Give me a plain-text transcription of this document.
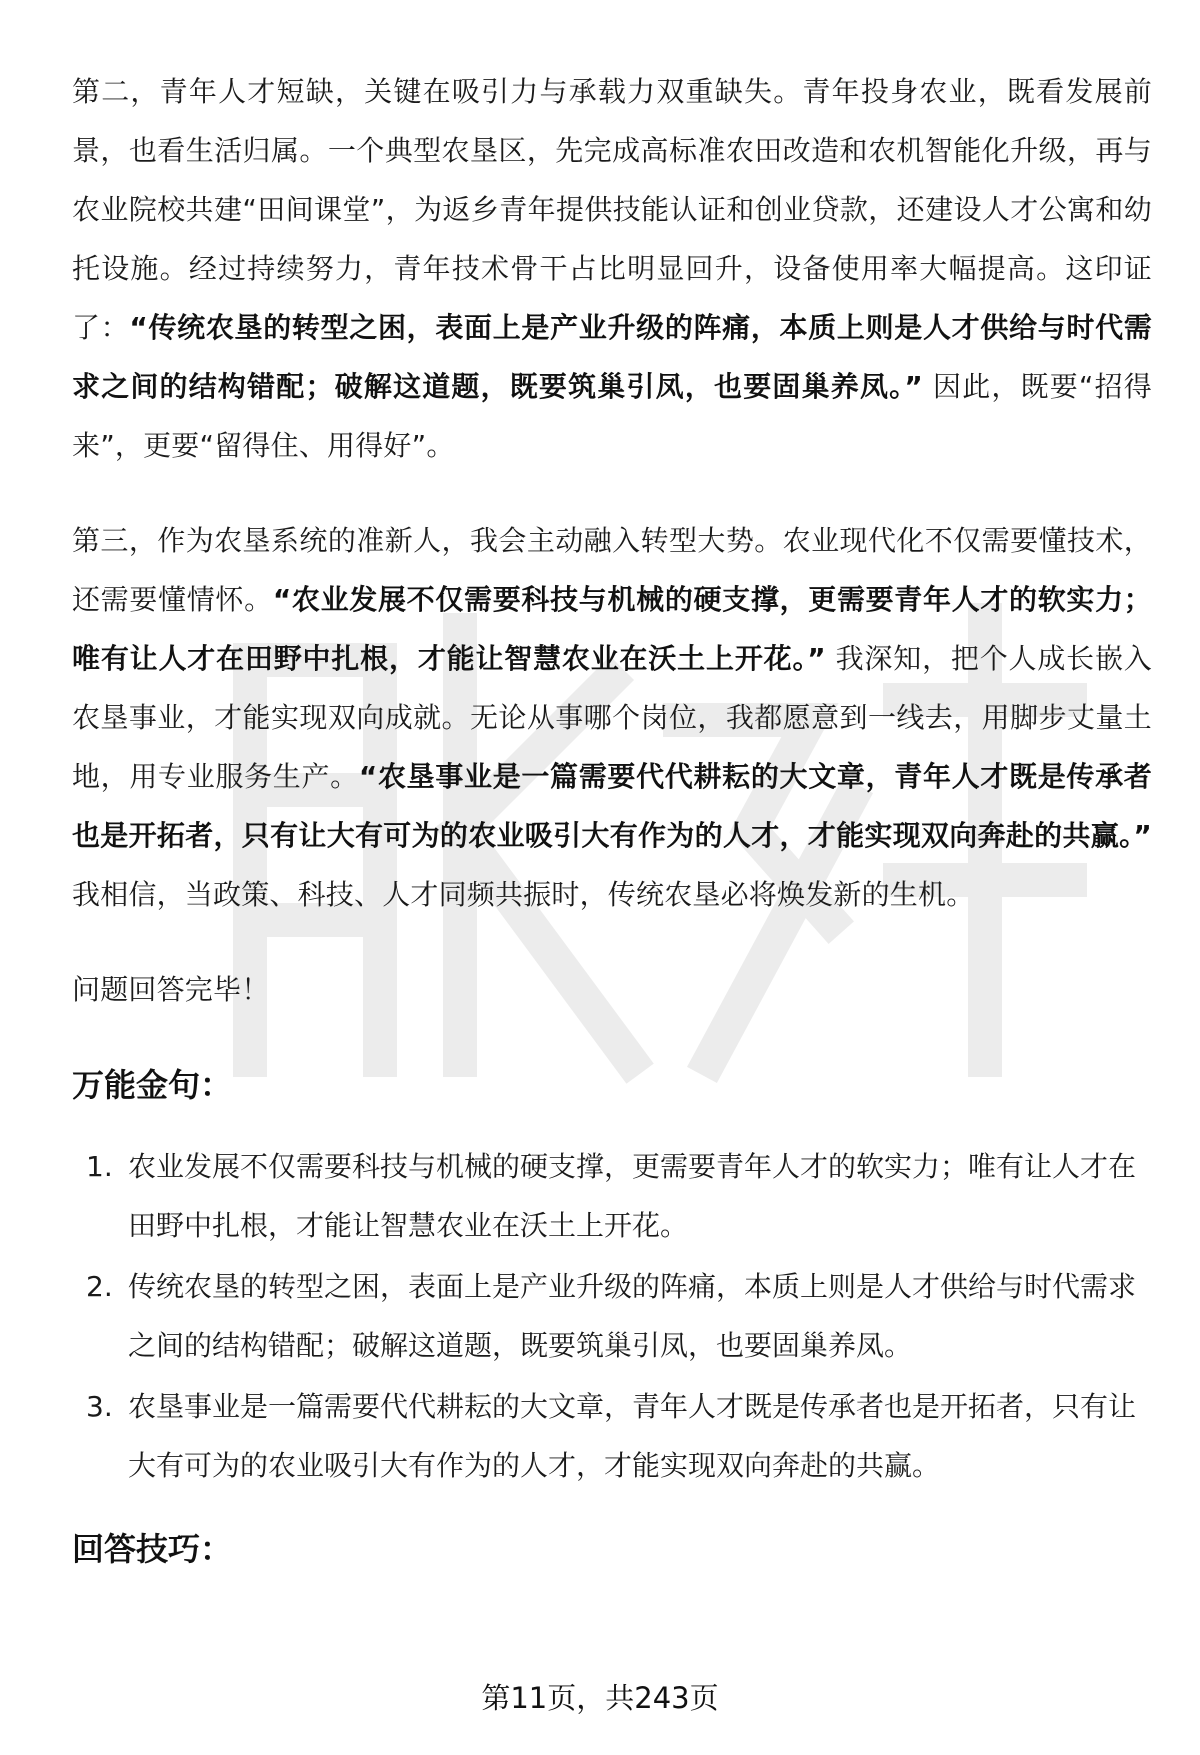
第二，青年人才短缺，关键在吸引力与承载力双重缺失。青年投身农业，既看发展前景，也看生活归属。一个典型农垦区，先完成高标准农田改造和农机智能化升级，再与农业院校共建“田间课堂”，为返乡青年提供技能认证和创业贷款，还建设人才公寓和幼托设施。经过持续努力，青年技术骨干占比明显回升，设备使用率大幅提高。这印证了：“传统农垦的转型之困，表面上是产业升级的阵痛，本质上则是人才供给与时代需求之间的结构错配；破解这道题，既要筑巢引凤，也要固巢养凤。” 因此，既要“招得来”，更要“留得住、用得好”。

第三，作为农垦系统的准新人，我会主动融入转型大势。农业现代化不仅需要懂技术，还需要懂情怀。“农业发展不仅需要科技与机械的硬支撑，更需要青年人才的软实力；唯有让人才在田野中扎根，才能让智慧农业在沃土上开花。” 我深知，把个人成长嵌入农垦事业，才能实现双向成就。无论从事哪个岗位，我都愿意到一线去，用脚步丈量土地，用专业服务生产。“农垦事业是一篇需要代代耕耘的大文章，青年人才既是传承者也是开拓者，只有让大有可为的农业吸引大有作为的人才，才能实现双向奔赴的共赢。” 我相信，当政策、科技、人才同频共振时，传统农垦必将焕发新的生机。

问题回答完毕！

万能金句：
1. 农业发展不仅需要科技与机械的硬支撑，更需要青年人才的软实力；唯有让人才在田野中扎根，才能让智慧农业在沃土上开花。
2. 传统农垦的转型之困，表面上是产业升级的阵痛，本质上则是人才供给与时代需求之间的结构错配；破解这道题，既要筑巢引凤，也要固巢养凤。
3. 农垦事业是一篇需要代代耕耘的大文章，青年人才既是传承者也是开拓者，只有让大有可为的农业吸引大有作为的人才，才能实现双向奔赴的共赢。
回答技巧：
第11页，共243页
